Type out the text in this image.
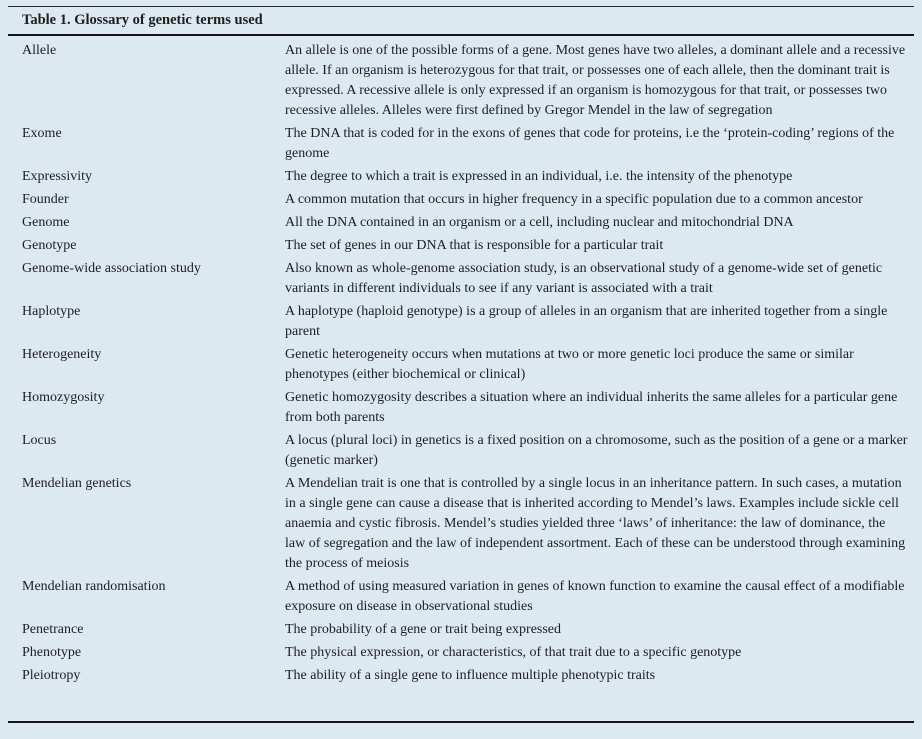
Table 1. Glossary of genetic terms used
Allele	An allele is one of the possible forms of a gene. Most genes have two alleles, a dominant allele and a recessive allele. If an organism is heterozygous for that trait, or possesses one of each allele, then the dominant trait is expressed. A recessive allele is only expressed if an organism is homozygous for that trait, or possesses two recessive alleles. Alleles were first defined by Gregor Mendel in the law of segregation
Exome	The DNA that is coded for in the exons of genes that code for proteins, i.e the ‘protein-coding’ regions of the genome
Expressivity	The degree to which a trait is expressed in an individual, i.e. the intensity of the phenotype
Founder	A common mutation that occurs in higher frequency in a specific population due to a common ancestor
Genome	All the DNA contained in an organism or a cell, including nuclear and mitochondrial DNA
Genotype	The set of genes in our DNA that is responsible for a particular trait
Genome-wide association study	Also known as whole-genome association study, is an observational study of a genome-wide set of genetic variants in different individuals to see if any variant is associated with a trait
Haplotype	A haplotype (haploid genotype) is a group of alleles in an organism that are inherited together from a single parent
Heterogeneity	Genetic heterogeneity occurs when mutations at two or more genetic loci produce the same or similar phenotypes (either biochemical or clinical)
Homozygosity	Genetic homozygosity describes a situation where an individual inherits the same alleles for a particular gene from both parents
Locus	A locus (plural loci) in genetics is a fixed position on a chromosome, such as the position of a gene or a marker (genetic marker)
Mendelian genetics	A Mendelian trait is one that is controlled by a single locus in an inheritance pattern. In such cases, a mutation in a single gene can cause a disease that is inherited according to Mendel’s laws. Examples include sickle cell anaemia and cystic fibrosis. Mendel’s studies yielded three ‘laws’ of inheritance: the law of dominance, the law of segregation and the law of independent assortment. Each of these can be understood through examining the process of meiosis
Mendelian randomisation	A method of using measured variation in genes of known function to examine the causal effect of a modifiable exposure on disease in observational studies
Penetrance	The probability of a gene or trait being expressed
Phenotype	The physical expression, or characteristics, of that trait due to a specific genotype
Pleiotropy	The ability of a single gene to influence multiple phenotypic traits
